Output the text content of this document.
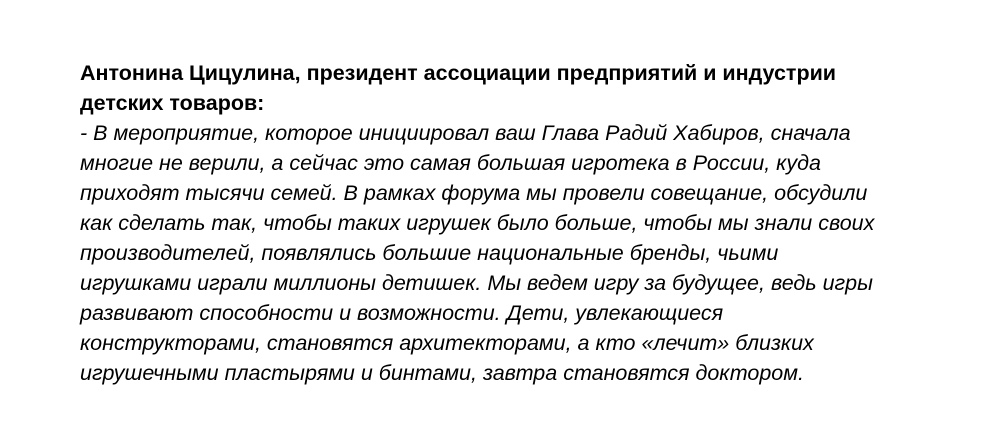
Антонина Цицулина, президент ассоциации предприятий и индустрии
детских товаров:
- В мероприятие, которое инициировал ваш Глава Радий Хабиров, сначала
многие не верили, а сейчас это самая большая игротека в России, куда
приходят тысячи семей. В рамках форума мы провели совещание, обсудили
как сделать так, чтобы таких игрушек было больше, чтобы мы знали своих
производителей, появлялись большие национальные бренды, чьими
игрушками играли миллионы детишек. Мы ведем игру за будущее, ведь игры
развивают способности и возможности. Дети, увлекающиеся
конструкторами, становятся архитекторами, а кто «лечит» близких
игрушечными пластырями и бинтами, завтра становятся доктором.
